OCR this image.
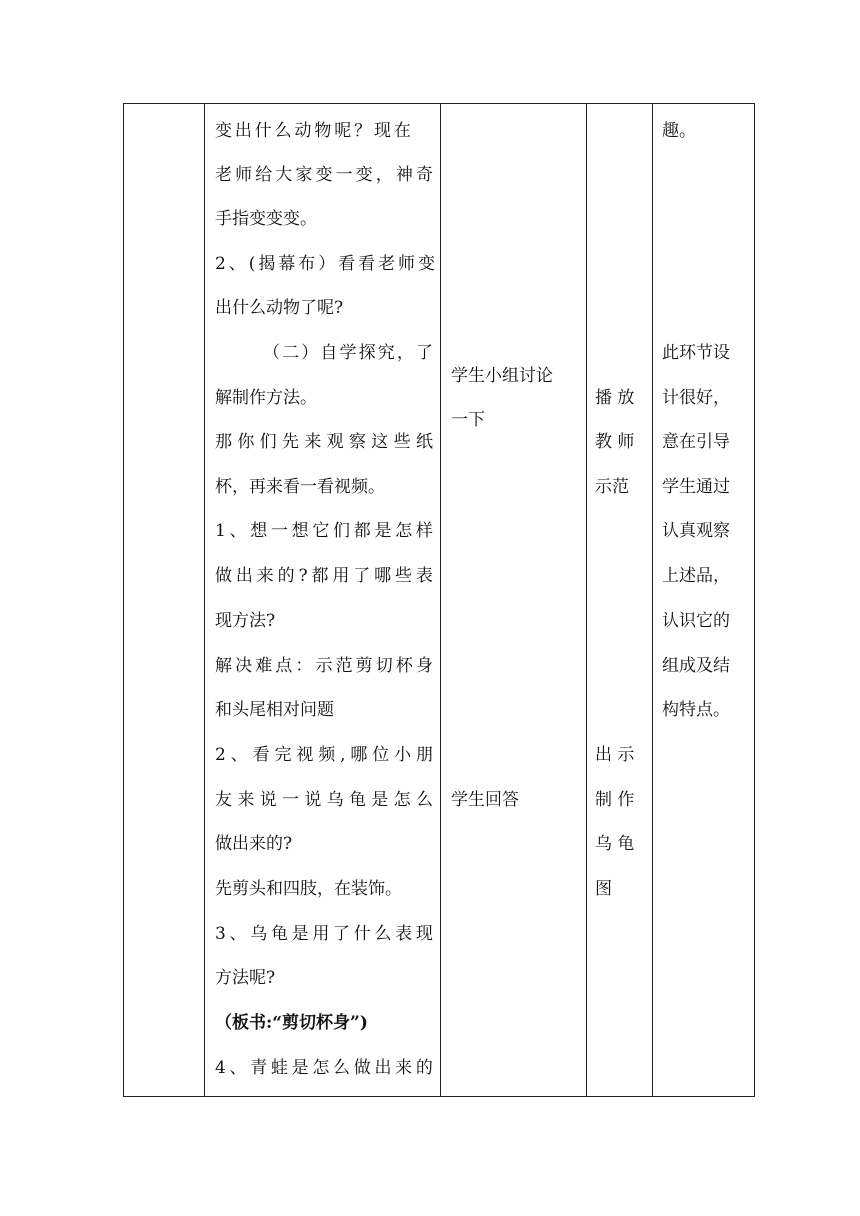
变 出 什 么 动 物 呢 ？ 现 在
老 师 给 大 家 变 一 变 ， 神 奇
手指变变变。
2 、 ( 揭 幕 布 ） 看 看 老 师 变
出什么动物了呢?
（ 二 ） 自 学 探 究 ， 了
解制作方法。
那 你 们 先 来 观 察 这 些 纸
杯，再来看一看视频。
1 、 想 一 想 它 们 都 是 怎 样
做 出 来 的 ? 都 用 了 哪 些 表
现方法?
解 决 难 点 ： 示 范 剪 切 杯 身
和头尾相对问题
2 、 看 完 视 频 , 哪 位 小 朋
友 来 说 一 说 乌 龟 是 怎 么
做出来的?
先剪头和四肢，在装饰。
3 、 乌 龟 是 用 了 什 么 表 现
方法呢?
（板书:“剪切杯身”)
4 、 青 蛙 是 怎 么 做 出 来 的
学生小组讨论
一下
学生回答
播 放
教 师
示范
出 示
制 作
乌 龟
图
趣。
此环节设
计很好，
意在引导
学生通过
认真观察
上述品，
认识它的
组成及结
构特点。
